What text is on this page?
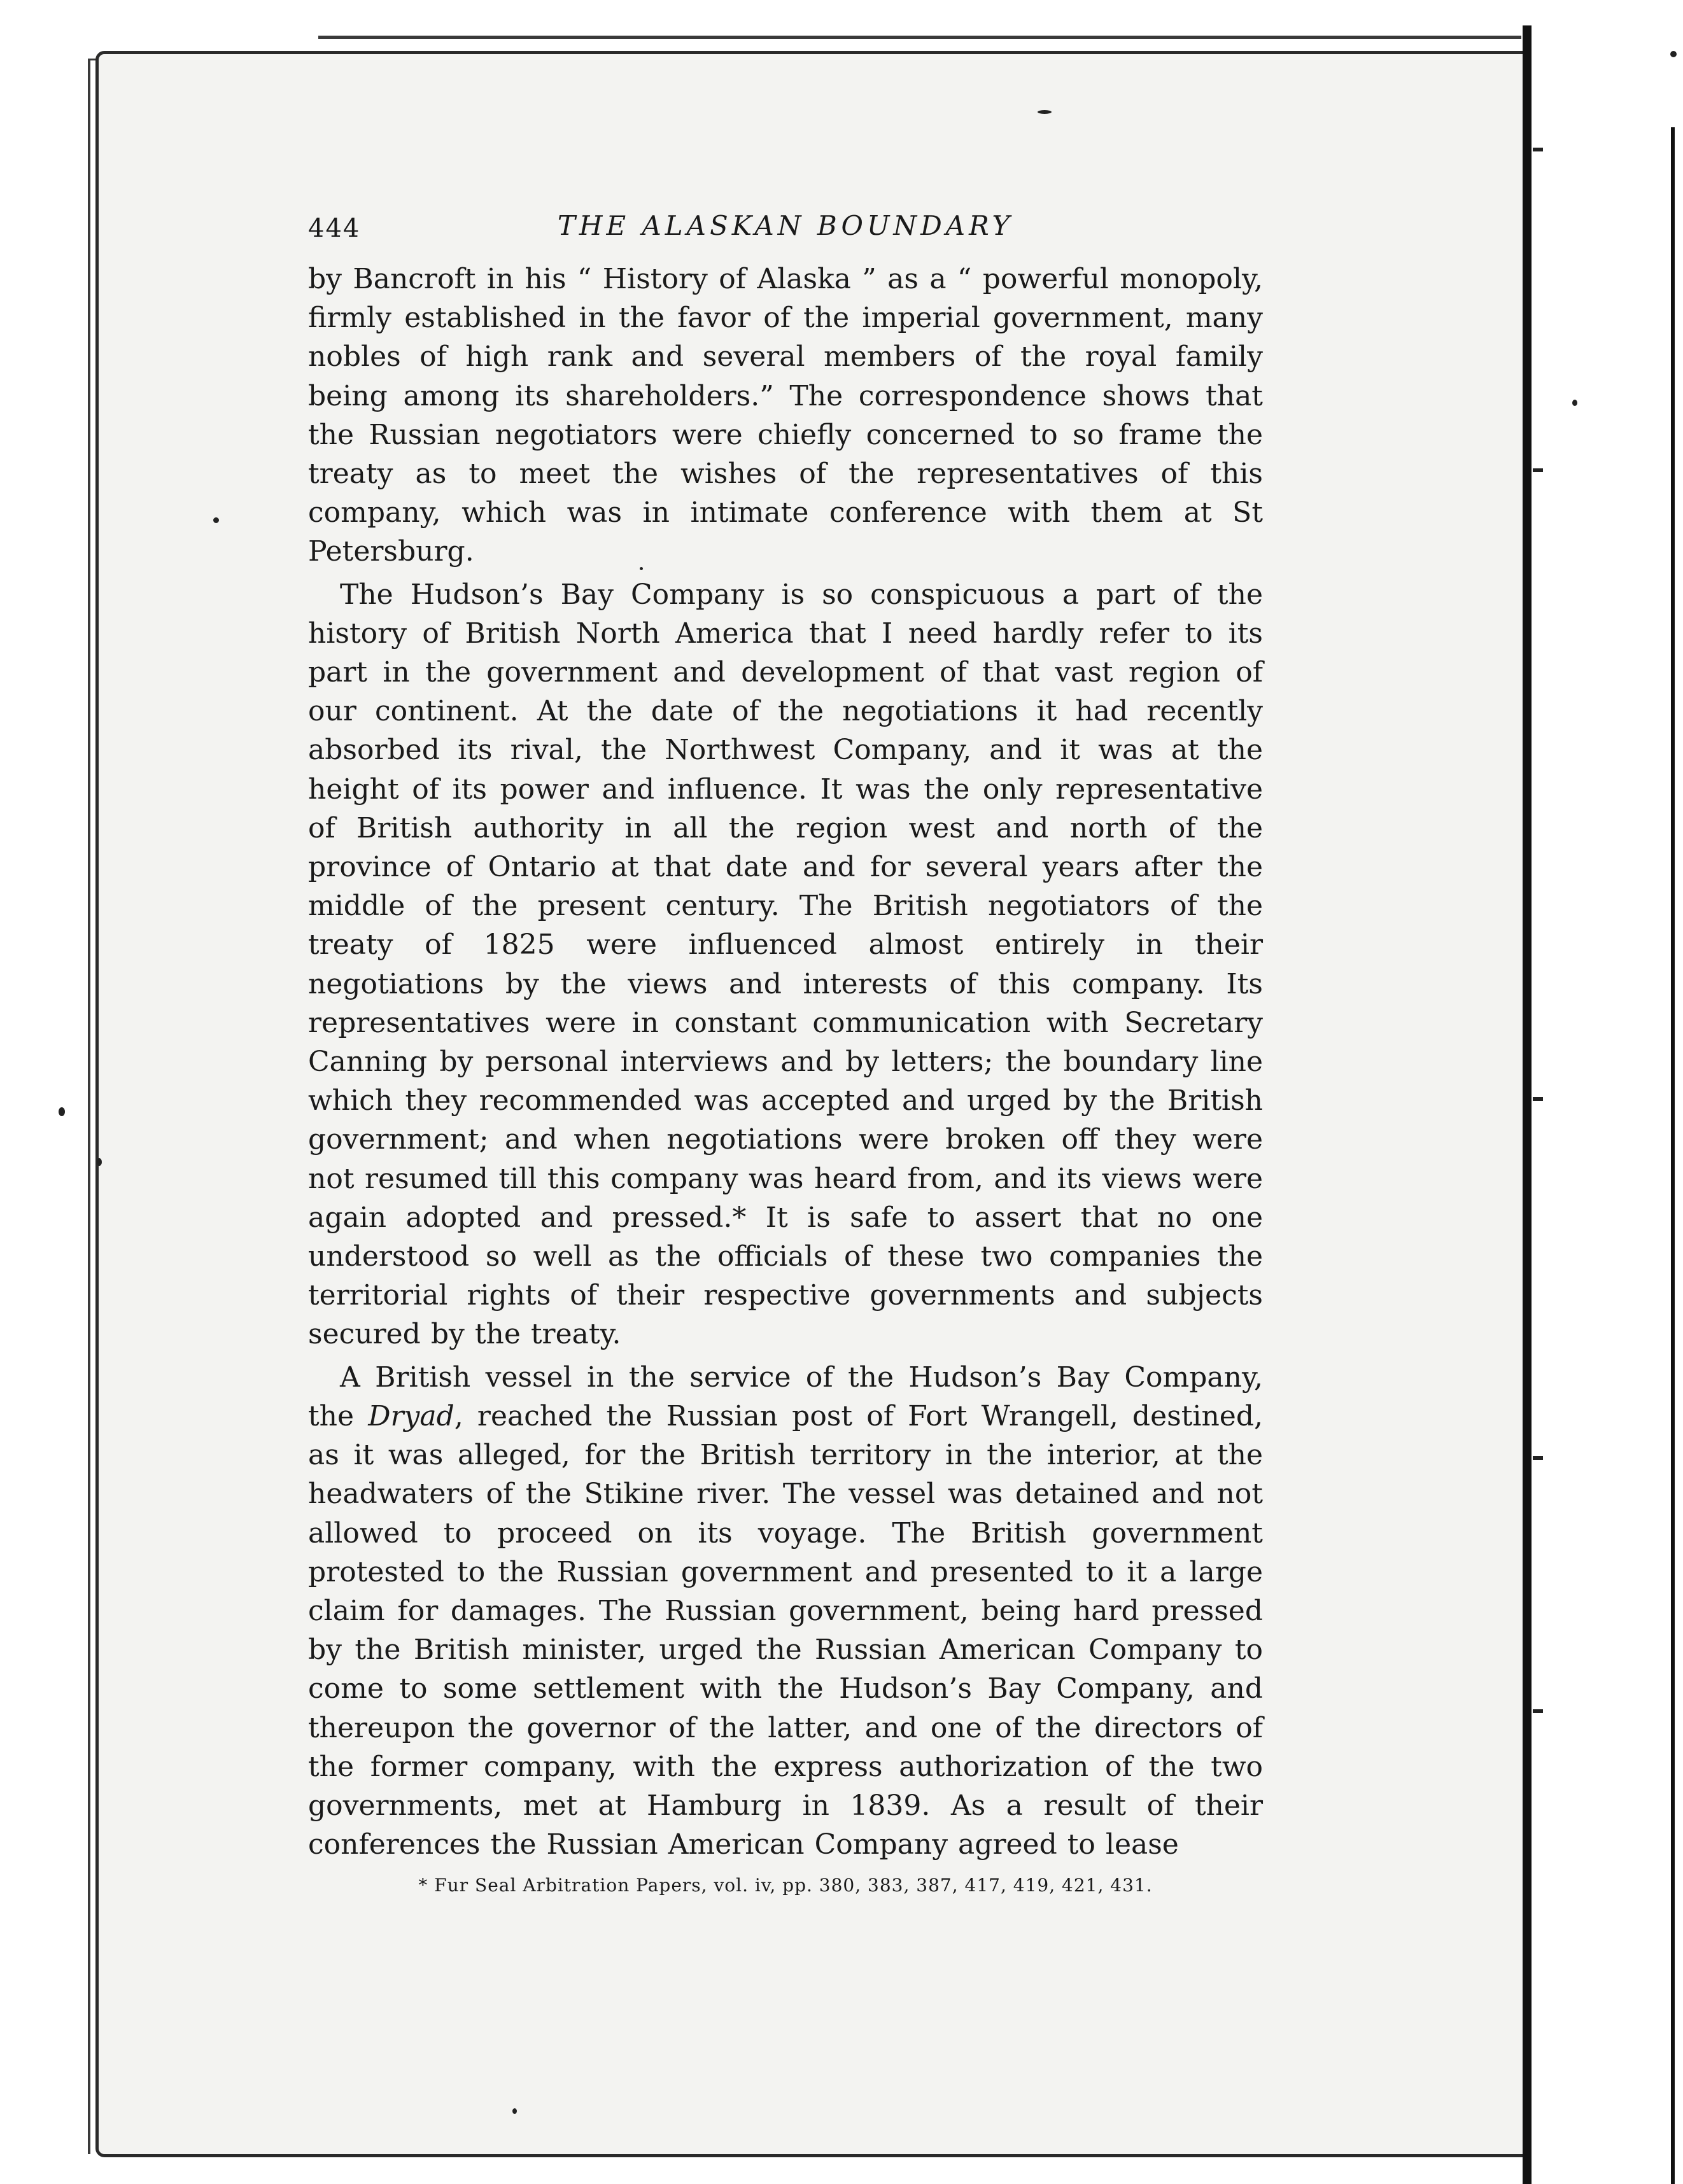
444	THE ALASKAN BOUNDARY

by Bancroft in his “ History of Alaska ” as a “ powerful monopoly, firmly established in the favor of the imperial government, many nobles of high rank and several members of the royal family being among its shareholders.” The correspondence shows that the Russian negotiators were chiefly concerned to so frame the treaty as to meet the wishes of the representatives of this company, which was in intimate conference with them at St Petersburg.

The Hudson’s Bay Company is so conspicuous a part of the history of British North America that I need hardly refer to its part in the government and development of that vast region of our continent. At the date of the negotiations it had recently absorbed its rival, the Northwest Company, and it was at the height of its power and influence. It was the only representative of British authority in all the region west and north of the province of Ontario at that date and for several years after the middle of the present century. The British negotiators of the treaty of 1825 were influenced almost entirely in their negotiations by the views and interests of this company. Its representatives were in constant communication with Secretary Canning by personal interviews and by letters; the boundary line which they recommended was accepted and urged by the British government; and when negotiations were broken off they were not resumed till this company was heard from, and its views were again adopted and pressed.* It is safe to assert that no one understood so well as the officials of these two companies the territorial rights of their respective governments and subjects secured by the treaty.

A British vessel in the service of the Hudson’s Bay Company, the Dryad, reached the Russian post of Fort Wrangell, destined, as it was alleged, for the British territory in the interior, at the headwaters of the Stikine river. The vessel was detained and not allowed to proceed on its voyage. The British government protested to the Russian government and presented to it a large claim for damages. The Russian government, being hard pressed by the British minister, urged the Russian American Company to come to some settlement with the Hudson’s Bay Company, and thereupon the governor of the latter, and one of the directors of the former company, with the express authorization of the two governments, met at Hamburg in 1839. As a result of their conferences the Russian American Company agreed to lease

* Fur Seal Arbitration Papers, vol. iv, pp. 380, 383, 387, 417, 419, 421, 431.
